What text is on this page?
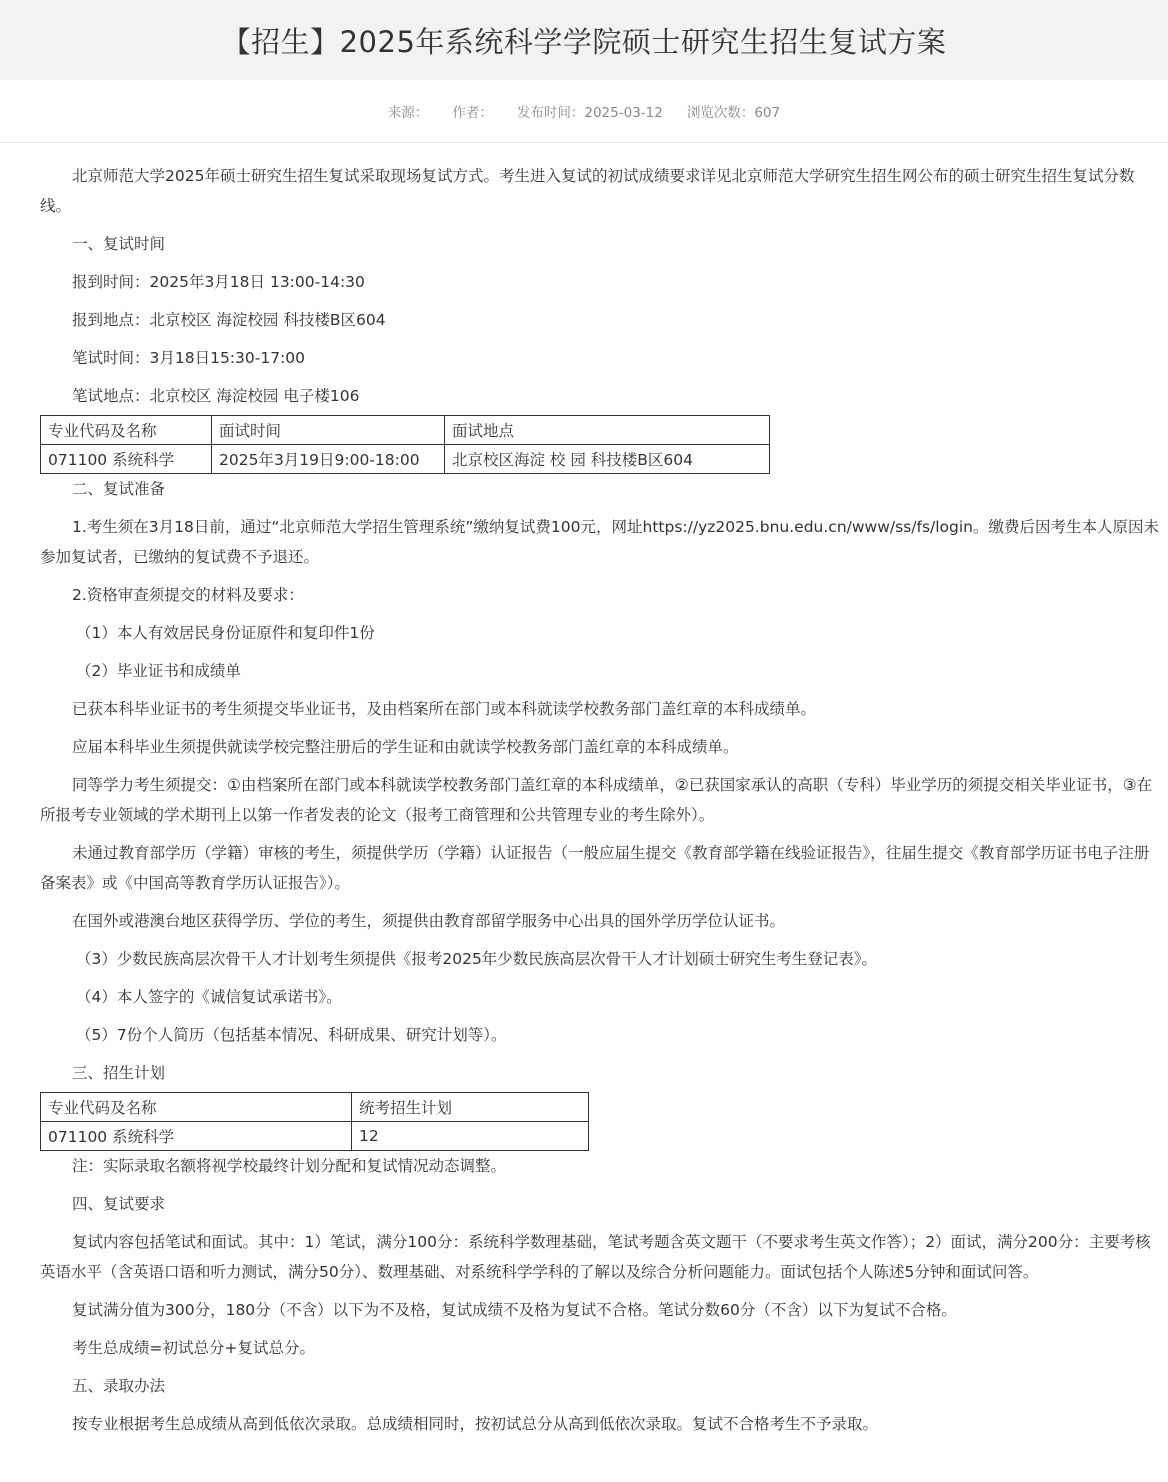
【招生】2025年系统科学学院硕士研究生招生复试方案
来源： 作者： 发布时间：2025-03-12 浏览次数：607

北京师范大学2025年硕士研究生招生复试采取现场复试方式。考生进入复试的初试成绩要求详见北京师范大学研究生招生网公布的硕士研究生招生复试分数线。

一、复试时间

报到时间：2025年3月18日 13:00-14:30

报到地点：北京校区 海淀校园 科技楼B区604

笔试时间：3月18日15:30-17:00

笔试地点：北京校区 海淀校园 电子楼106

专业代码及名称	面试时间	面试地点
071100 系统科学	2025年3月19日9:00-18:00	北京校区海淀 校 园 科技楼B区604

二、复试准备

1.考生须在3月18日前，通过“北京师范大学招生管理系统”缴纳复试费100元，网址https://yz2025.bnu.edu.cn/www/ss/fs/login。缴费后因考生本人原因未参加复试者，已缴纳的复试费不予退还。

2.资格审查须提交的材料及要求：

（1）本人有效居民身份证原件和复印件1份

（2）毕业证书和成绩单

已获本科毕业证书的考生须提交毕业证书，及由档案所在部门或本科就读学校教务部门盖红章的本科成绩单。

应届本科毕业生须提供就读学校完整注册后的学生证和由就读学校教务部门盖红章的本科成绩单。

同等学力考生须提交：①由档案所在部门或本科就读学校教务部门盖红章的本科成绩单，②已获国家承认的高职（专科）毕业学历的须提交相关毕业证书，③在所报考专业领域的学术期刊上以第一作者发表的论文（报考工商管理和公共管理专业的考生除外）。

未通过教育部学历（学籍）审核的考生，须提供学历（学籍）认证报告（一般应届生提交《教育部学籍在线验证报告》，往届生提交《教育部学历证书电子注册备案表》或《中国高等教育学历认证报告》）。

在国外或港澳台地区获得学历、学位的考生，须提供由教育部留学服务中心出具的国外学历学位认证书。

（3）少数民族高层次骨干人才计划考生须提供《报考2025年少数民族高层次骨干人才计划硕士研究生考生登记表》。

（4）本人签字的《诚信复试承诺书》。

（5）7份个人简历（包括基本情况、科研成果、研究计划等）。

三、招生计划

专业代码及名称	统考招生计划
071100 系统科学	12

注：实际录取名额将视学校最终计划分配和复试情况动态调整。

四、复试要求

复试内容包括笔试和面试。其中：1）笔试，满分100分：系统科学数理基础，笔试考题含英文题干（不要求考生英文作答）；2）面试，满分200分：主要考核英语水平（含英语口语和听力测试，满分50分）、数理基础、对系统科学学科的了解以及综合分析问题能力。面试包括个人陈述5分钟和面试问答。

复试满分值为300分，180分（不含）以下为不及格，复试成绩不及格为复试不合格。笔试分数60分（不含）以下为复试不合格。

考生总成绩=初试总分+复试总分。

五、录取办法

按专业根据考生总成绩从高到低依次录取。总成绩相同时，按初试总分从高到低依次录取。复试不合格考生不予录取。
